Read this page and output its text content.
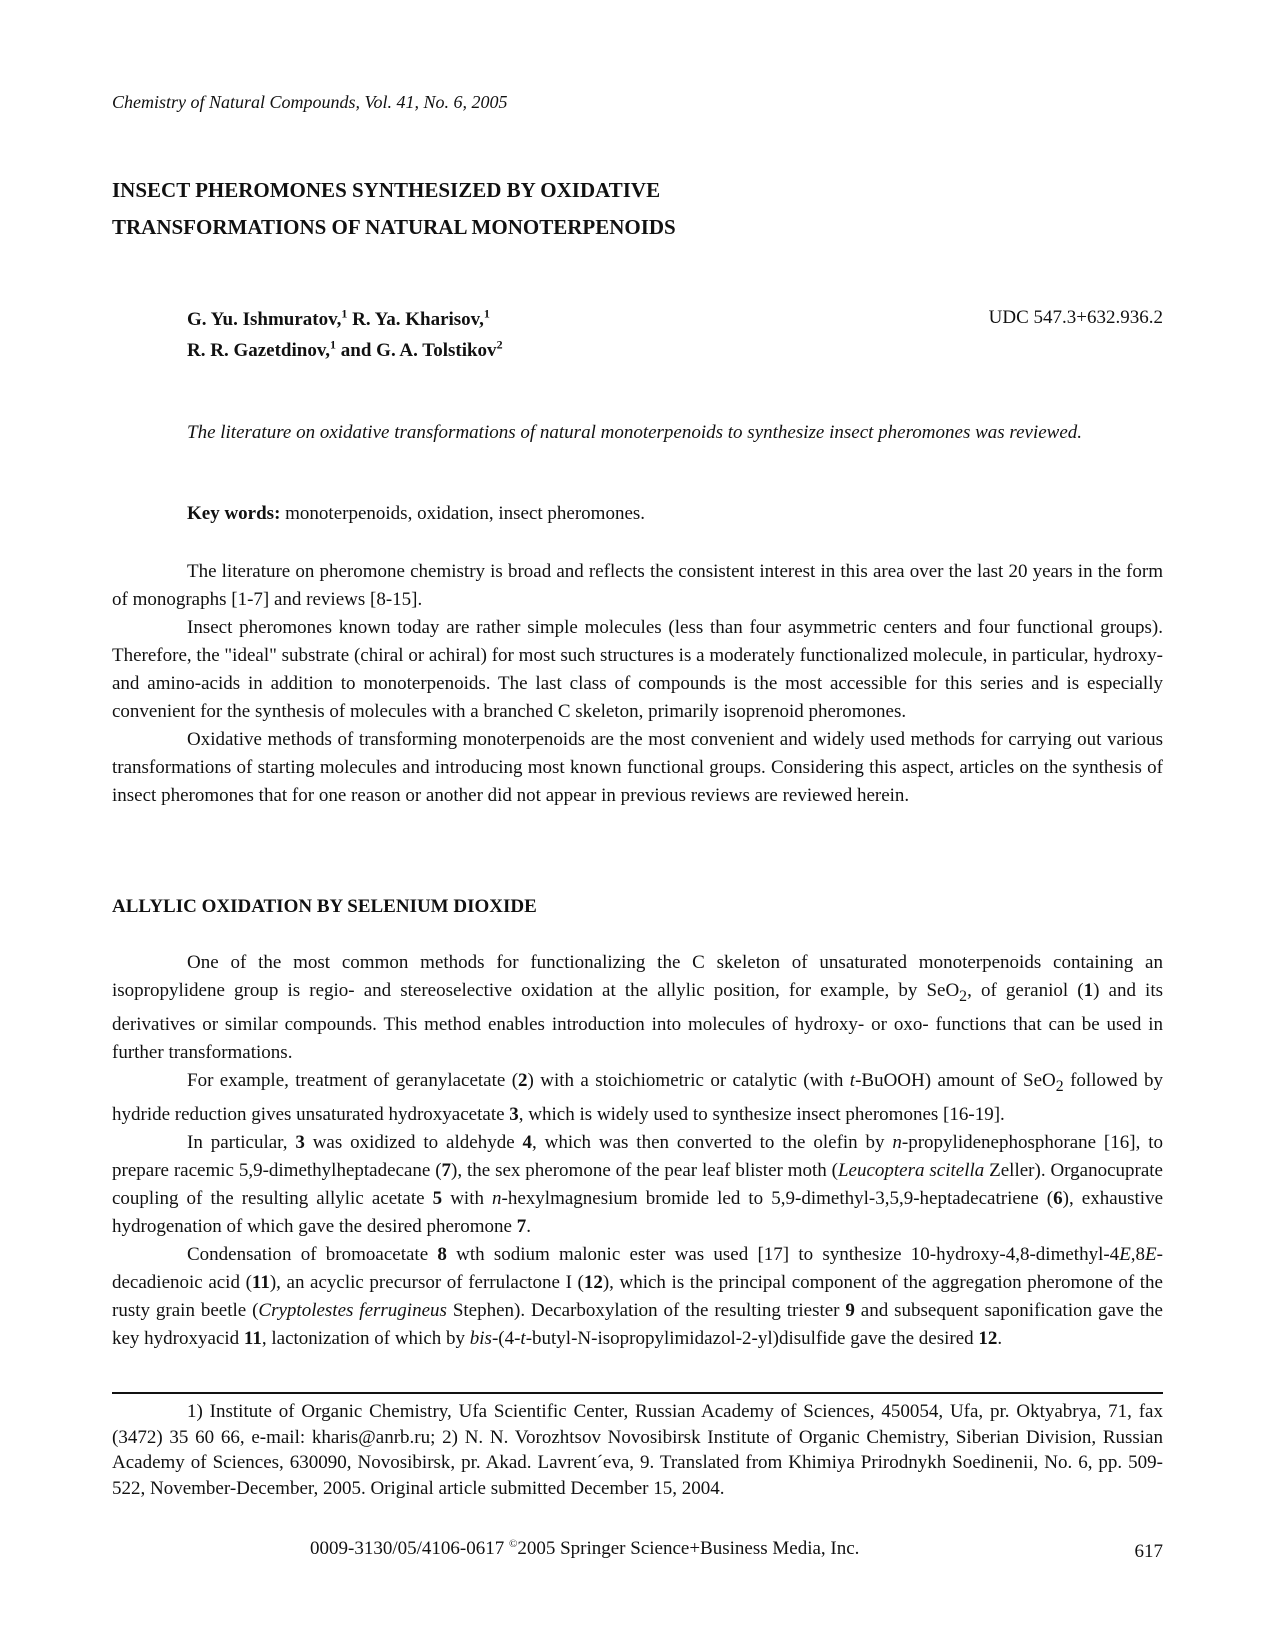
Chemistry of Natural Compounds, Vol. 41, No. 6, 2005
INSECT PHEROMONES SYNTHESIZED BY OXIDATIVE
TRANSFORMATIONS OF NATURAL MONOTERPENOIDS
G. Yu. Ishmuratov,$^1$ R. Ya. Kharisov,$^1$
R. R. Gazetdinov,$^1$ and G. A. Tolstikov$^2$
UDC 547.3+632.936.2
The literature on oxidative transformations of natural monoterpenoids to synthesize insect pheromones was reviewed.
Key words: monoterpenoids, oxidation, insect pheromones.

The literature on pheromone chemistry is broad and reflects the consistent interest in this area over the last 20 years in the form of monographs [1-7] and reviews [8-15].

Insect pheromones known today are rather simple molecules (less than four asymmetric centers and four functional groups). Therefore, the "ideal" substrate (chiral or achiral) for most such structures is a moderately functionalized molecule, in particular, hydroxy- and amino-acids in addition to monoterpenoids. The last class of compounds is the most accessible for this series and is especially convenient for the synthesis of molecules with a branched C skeleton, primarily isoprenoid pheromones.

Oxidative methods of transforming monoterpenoids are the most convenient and widely used methods for carrying out various transformations of starting molecules and introducing most known functional groups. Considering this aspect, articles on the synthesis of insect pheromones that for one reason or another did not appear in previous reviews are reviewed herein.

ALLYLIC OXIDATION BY SELENIUM DIOXIDE

One of the most common methods for functionalizing the C skeleton of unsaturated monoterpenoids containing an isopropylidene group is regio- and stereoselective oxidation at the allylic position, for example, by SeO$_2$, of geraniol (1) and its derivatives or similar compounds. This method enables introduction into molecules of hydroxy- or oxo- functions that can be used in further transformations.

For example, treatment of geranylacetate (2) with a stoichiometric or catalytic (with t-BuOOH) amount of SeO$_2$ followed by hydride reduction gives unsaturated hydroxyacetate 3, which is widely used to synthesize insect pheromones [16-19].

In particular, 3 was oxidized to aldehyde 4, which was then converted to the olefin by n-propylidenephosphorane [16], to prepare racemic 5,9-dimethylheptadecane (7), the sex pheromone of the pear leaf blister moth (Leucoptera scitella Zeller). Organocuprate coupling of the resulting allylic acetate 5 with n-hexylmagnesium bromide led to 5,9-dimethyl-3,5,9-heptadecatriene (6), exhaustive hydrogenation of which gave the desired pheromone 7.

Condensation of bromoacetate 8 wth sodium malonic ester was used [17] to synthesize 10-hydroxy-4,8-dimethyl-4E,8E-decadienoic acid (11), an acyclic precursor of ferrulactone I (12), which is the principal component of the aggregation pheromone of the rusty grain beetle (Cryptolestes ferrugineus Stephen). Decarboxylation of the resulting triester 9 and subsequent saponification gave the key hydroxyacid 11, lactonization of which by bis-(4-t-butyl-N-isopropylimidazol-2-yl)disulfide gave the desired 12.

1) Institute of Organic Chemistry, Ufa Scientific Center, Russian Academy of Sciences, 450054, Ufa, pr. Oktyabrya, 71, fax (3472) 35 60 66, e-mail: kharis@anrb.ru; 2) N. N. Vorozhtsov Novosibirsk Institute of Organic Chemistry, Siberian Division, Russian Academy of Sciences, 630090, Novosibirsk, pr. Akad. Lavrent´eva, 9. Translated from Khimiya Prirodnykh Soedinenii, No. 6, pp. 509-522, November-December, 2005. Original article submitted December 15, 2004.
0009-3130/05/4106-0617 ©2005 Springer Science+Business Media, Inc.	617
